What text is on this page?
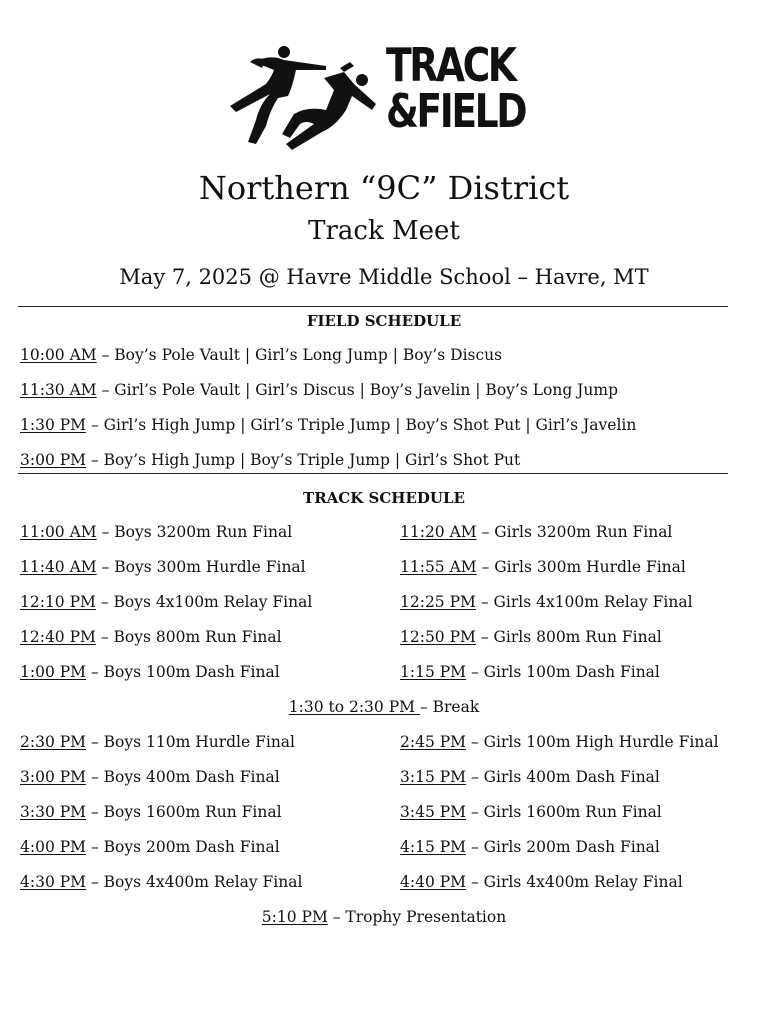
TRACK
&FIELD
Northern “9C” District
Track Meet
May 7, 2025 @ Havre Middle School – Havre, MT
FIELD SCHEDULE
10:00 AM – Boy’s Pole Vault | Girl’s Long Jump | Boy’s Discus
11:30 AM – Girl’s Pole Vault | Girl’s Discus | Boy’s Javelin | Boy’s Long Jump
1:30 PM – Girl’s High Jump | Girl’s Triple Jump | Boy’s Shot Put | Girl’s Javelin
3:00 PM – Boy’s High Jump | Boy’s Triple Jump | Girl’s Shot Put
TRACK SCHEDULE
11:00 AM – Boys 3200m Run Final	11:20 AM – Girls 3200m Run Final
11:40 AM – Boys 300m Hurdle Final	11:55 AM – Girls 300m Hurdle Final
12:10 PM – Boys 4x100m Relay Final	12:25 PM – Girls 4x100m Relay Final
12:40 PM – Boys 800m Run Final	12:50 PM – Girls 800m Run Final
1:00 PM – Boys 100m Dash Final	1:15 PM – Girls 100m Dash Final
1:30 to 2:30 PM – Break
2:30 PM – Boys 110m Hurdle Final	2:45 PM – Girls 100m High Hurdle Final
3:00 PM – Boys 400m Dash Final	3:15 PM – Girls 400m Dash Final
3:30 PM – Boys 1600m Run Final	3:45 PM – Girls 1600m Run Final
4:00 PM – Boys 200m Dash Final	4:15 PM – Girls 200m Dash Final
4:30 PM – Boys 4x400m Relay Final	4:40 PM – Girls 4x400m Relay Final
5:10 PM – Trophy Presentation
